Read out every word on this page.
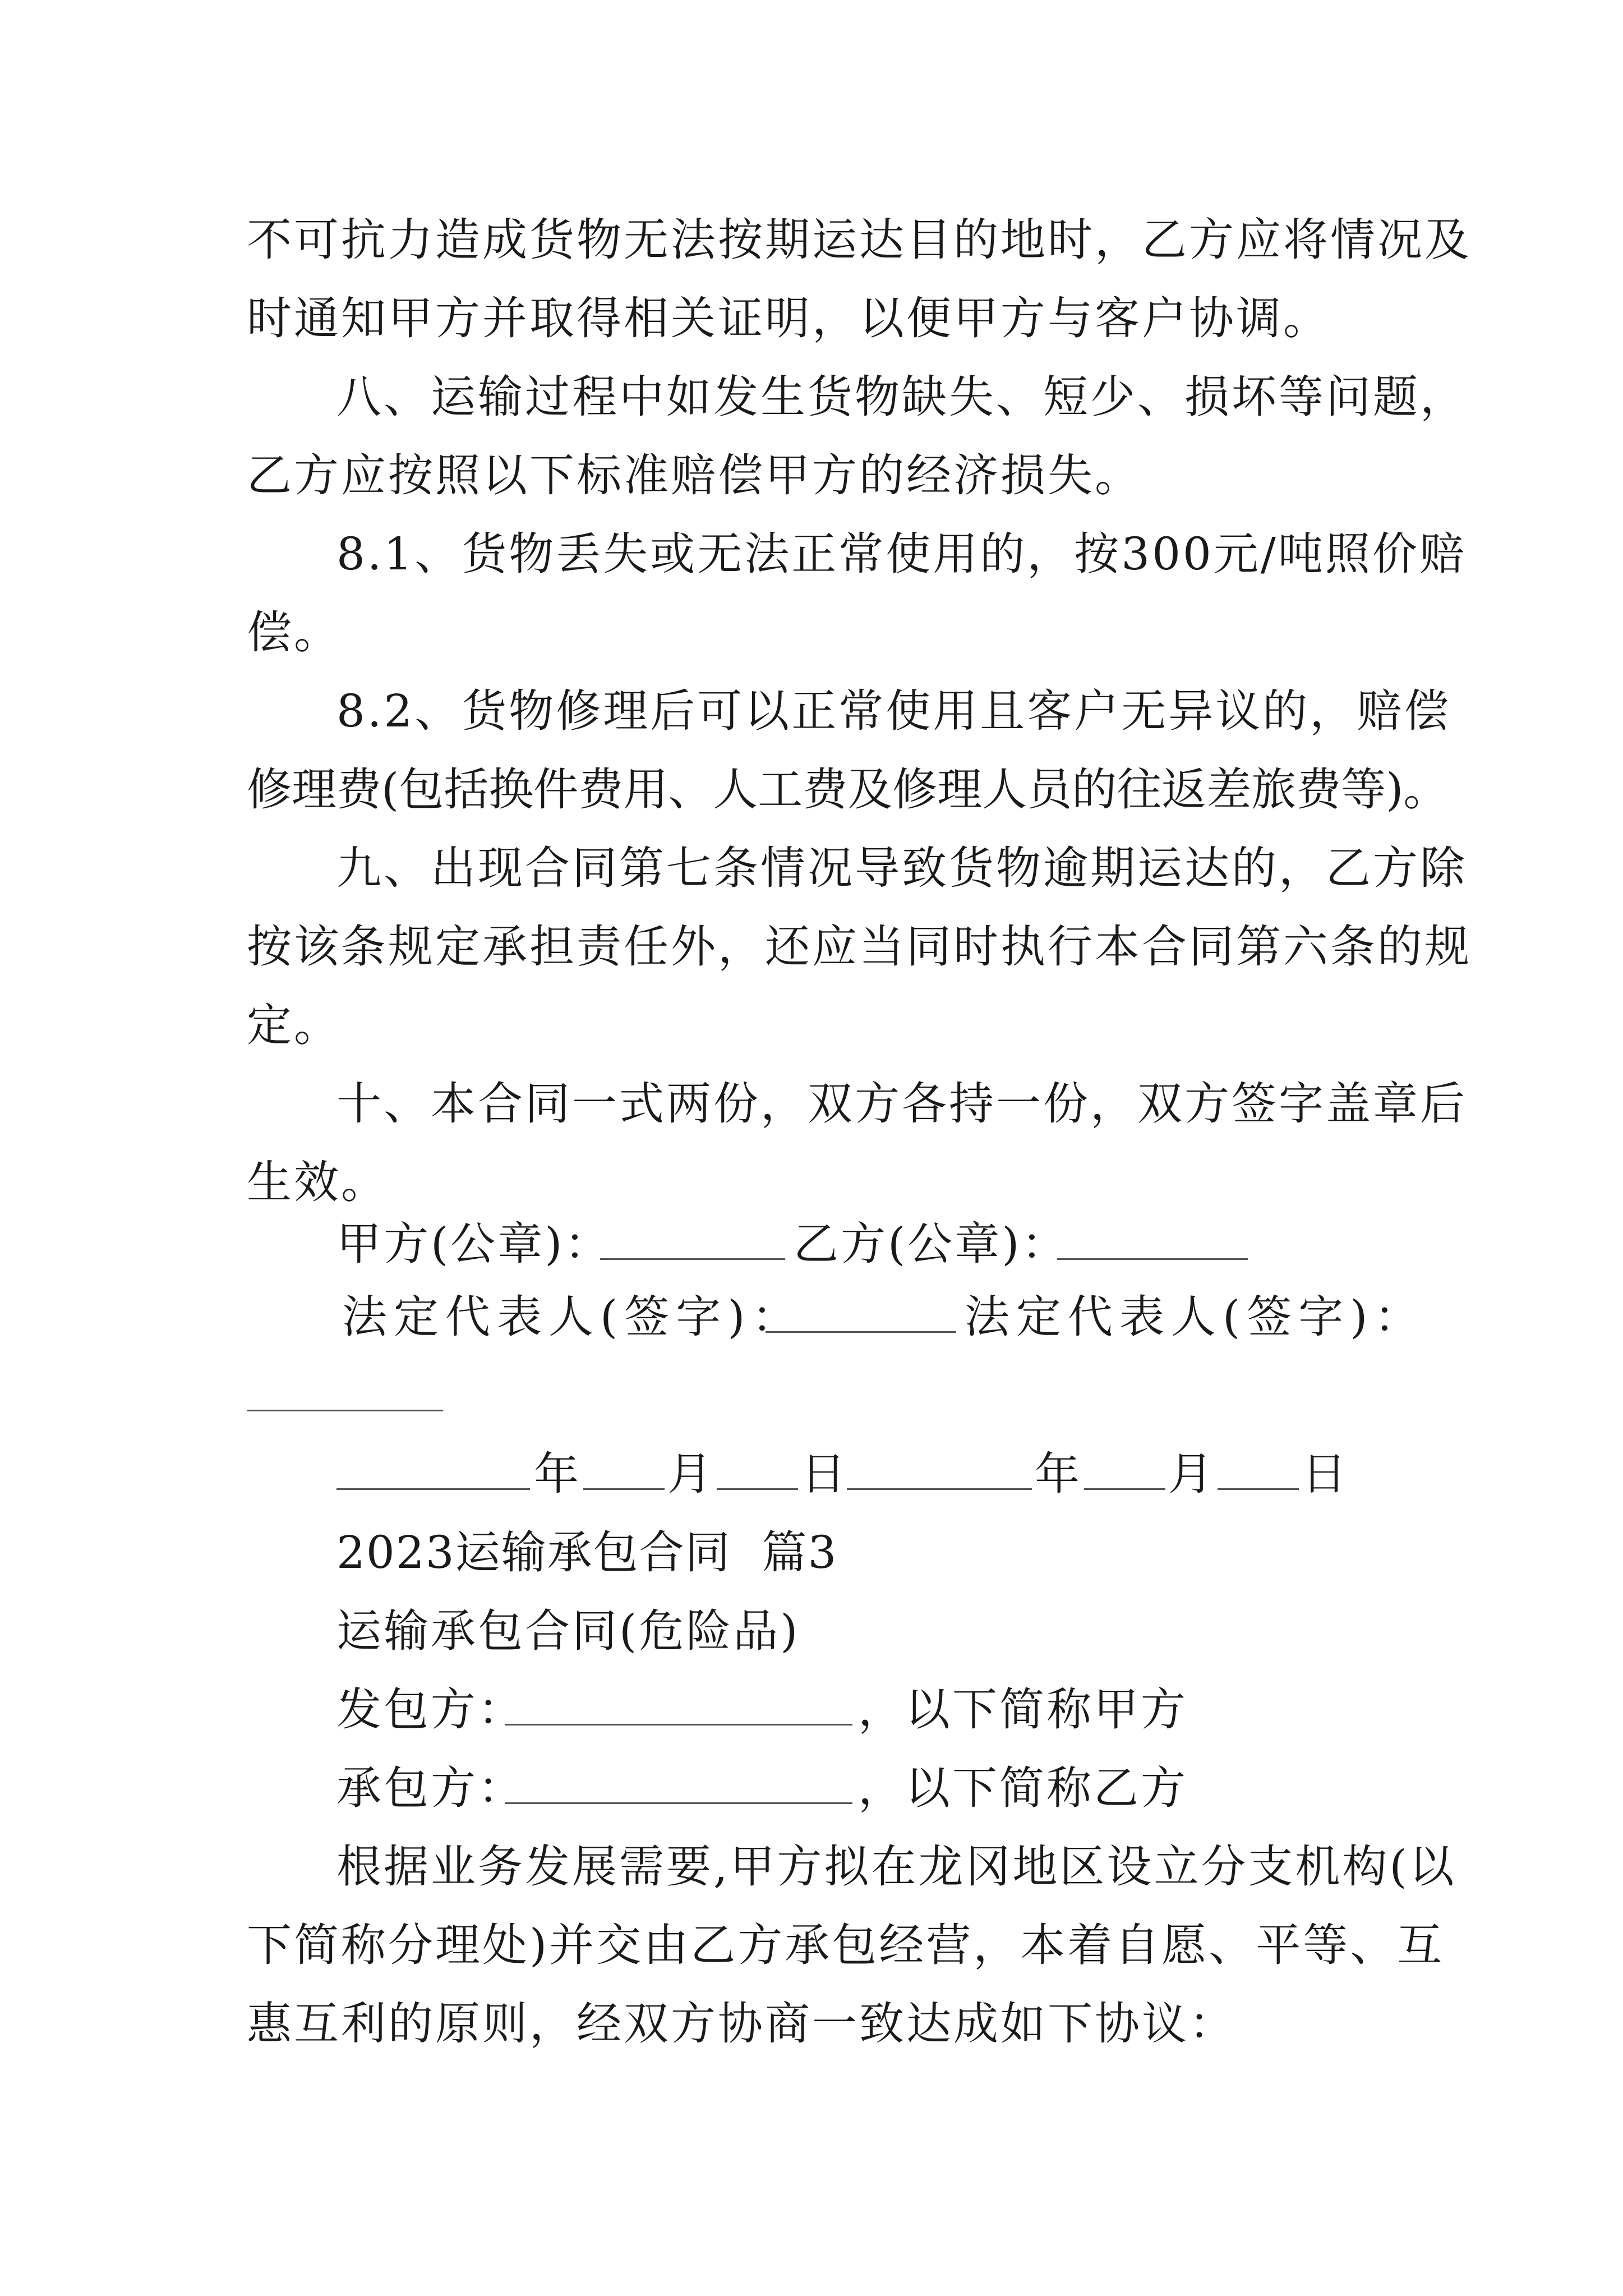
不可抗力造成货物无法按期运达目的地时，乙方应将情况及
时通知甲方并取得相关证明，以便甲方与客户协调。
八、运输过程中如发生货物缺失、短少、损坏等问题，
乙方应按照以下标准赔偿甲方的经济损失。
8.1、货物丢失或无法正常使用的，按300元/吨照价赔
偿。
8.2、货物修理后可以正常使用且客户无异议的，赔偿
修理费(包括换件费用、人工费及修理人员的往返差旅费等)。
九、出现合同第七条情况导致货物逾期运达的，乙方除
按该条规定承担责任外，还应当同时执行本合同第六条的规
定。
十、本合同一式两份，双方各持一份，双方签字盖章后
生效。
甲方(公章)：	乙方(公章)：
法定代表人(签字)：	法定代表人(签字)：
年 月 日	年 月 日
2023运输承包合同  篇3
运输承包合同(危险品)
发包方：	，以下简称甲方
承包方：	，以下简称乙方
根据业务发展需要,甲方拟在龙冈地区设立分支机构(以
下简称分理处)并交由乙方承包经营，本着自愿、平等、互
惠互利的原则，经双方协商一致达成如下协议：
